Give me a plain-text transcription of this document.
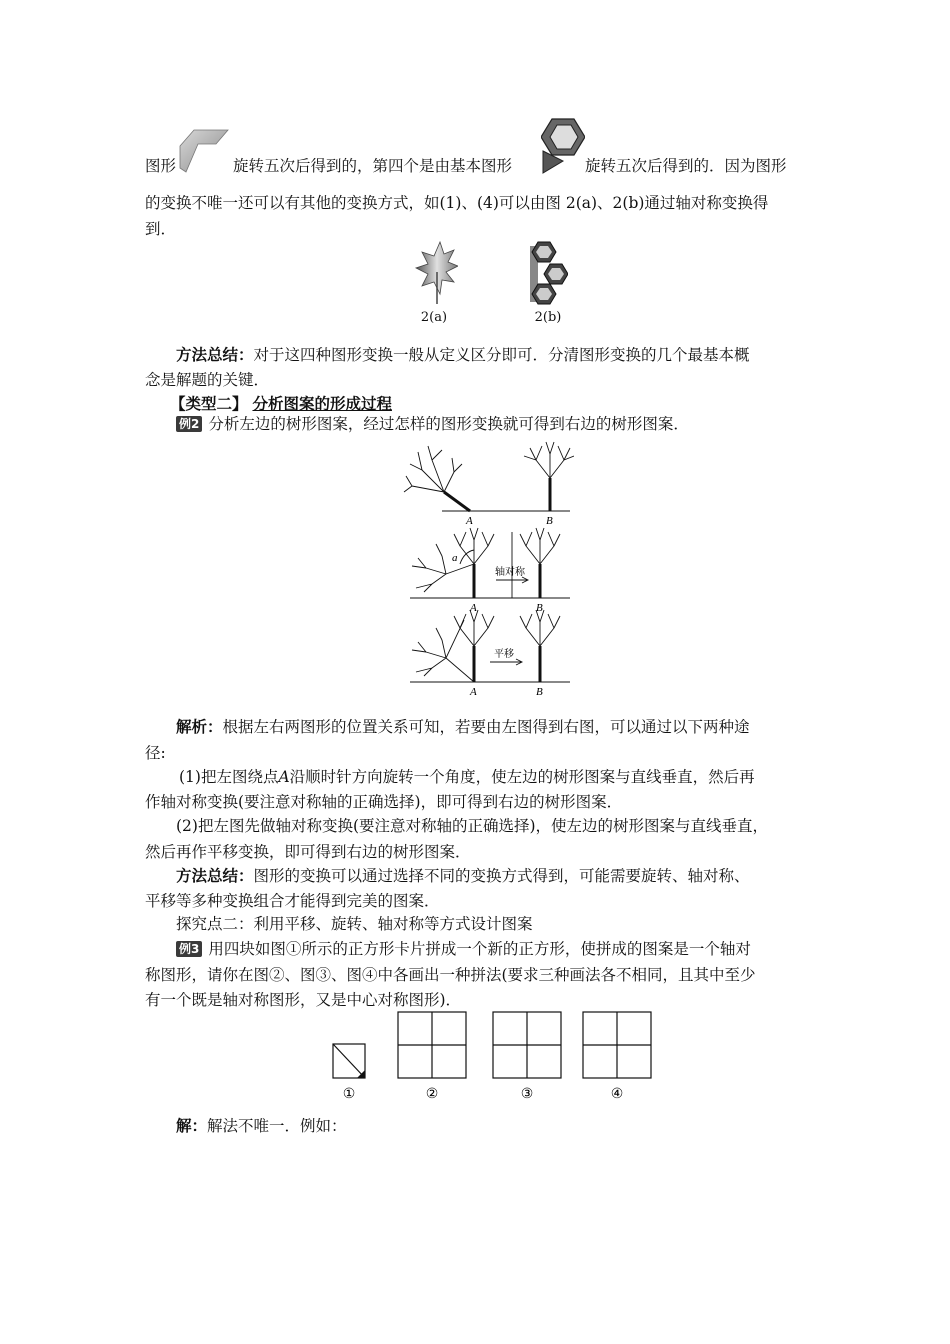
图形	旋转五次后得到的，第四个是由基本图形	旋转五次后得到的．因为图形
的变换不唯一还可以有其他的变换方式，如(1)、(4)可以由图 2(a)、2(b)通过轴对称变换得
到．
2(a)	2(b)
方法总结：对于这四种图形变换一般从定义区分即可．分清图形变换的几个最基本概
念是解题的关键．
【类型二】 分析图案的形成过程
例2 分析左边的树形图案，经过怎样的图形变换就可得到右边的树形图案．
A	B
a
A	B
轴对称
A	B
平移
解析：根据左右两图形的位置关系可知，若要由左图得到右图，可以通过以下两种途
径:
(1)把左图绕点A沿顺时针方向旋转一个角度，使左边的树形图案与直线垂直，然后再
作轴对称变换(要注意对称轴的正确选择)，即可得到右边的树形图案．
(2)把左图先做轴对称变换(要注意对称轴的正确选择)，使左边的树形图案与直线垂直，
然后再作平移变换，即可得到右边的树形图案．
方法总结：图形的变换可以通过选择不同的变换方式得到，可能需要旋转、轴对称、
平移等多种变换组合才能得到完美的图案．
探究点二：利用平移、旋转、轴对称等方式设计图案
例3 用四块如图①所示的正方形卡片拼成一个新的正方形，使拼成的图案是一个轴对
称图形，请你在图②、图③、图④中各画出一种拼法(要求三种画法各不相同，且其中至少
有一个既是轴对称图形，又是中心对称图形)．
①	②	③	④
解：解法不唯一．例如：
